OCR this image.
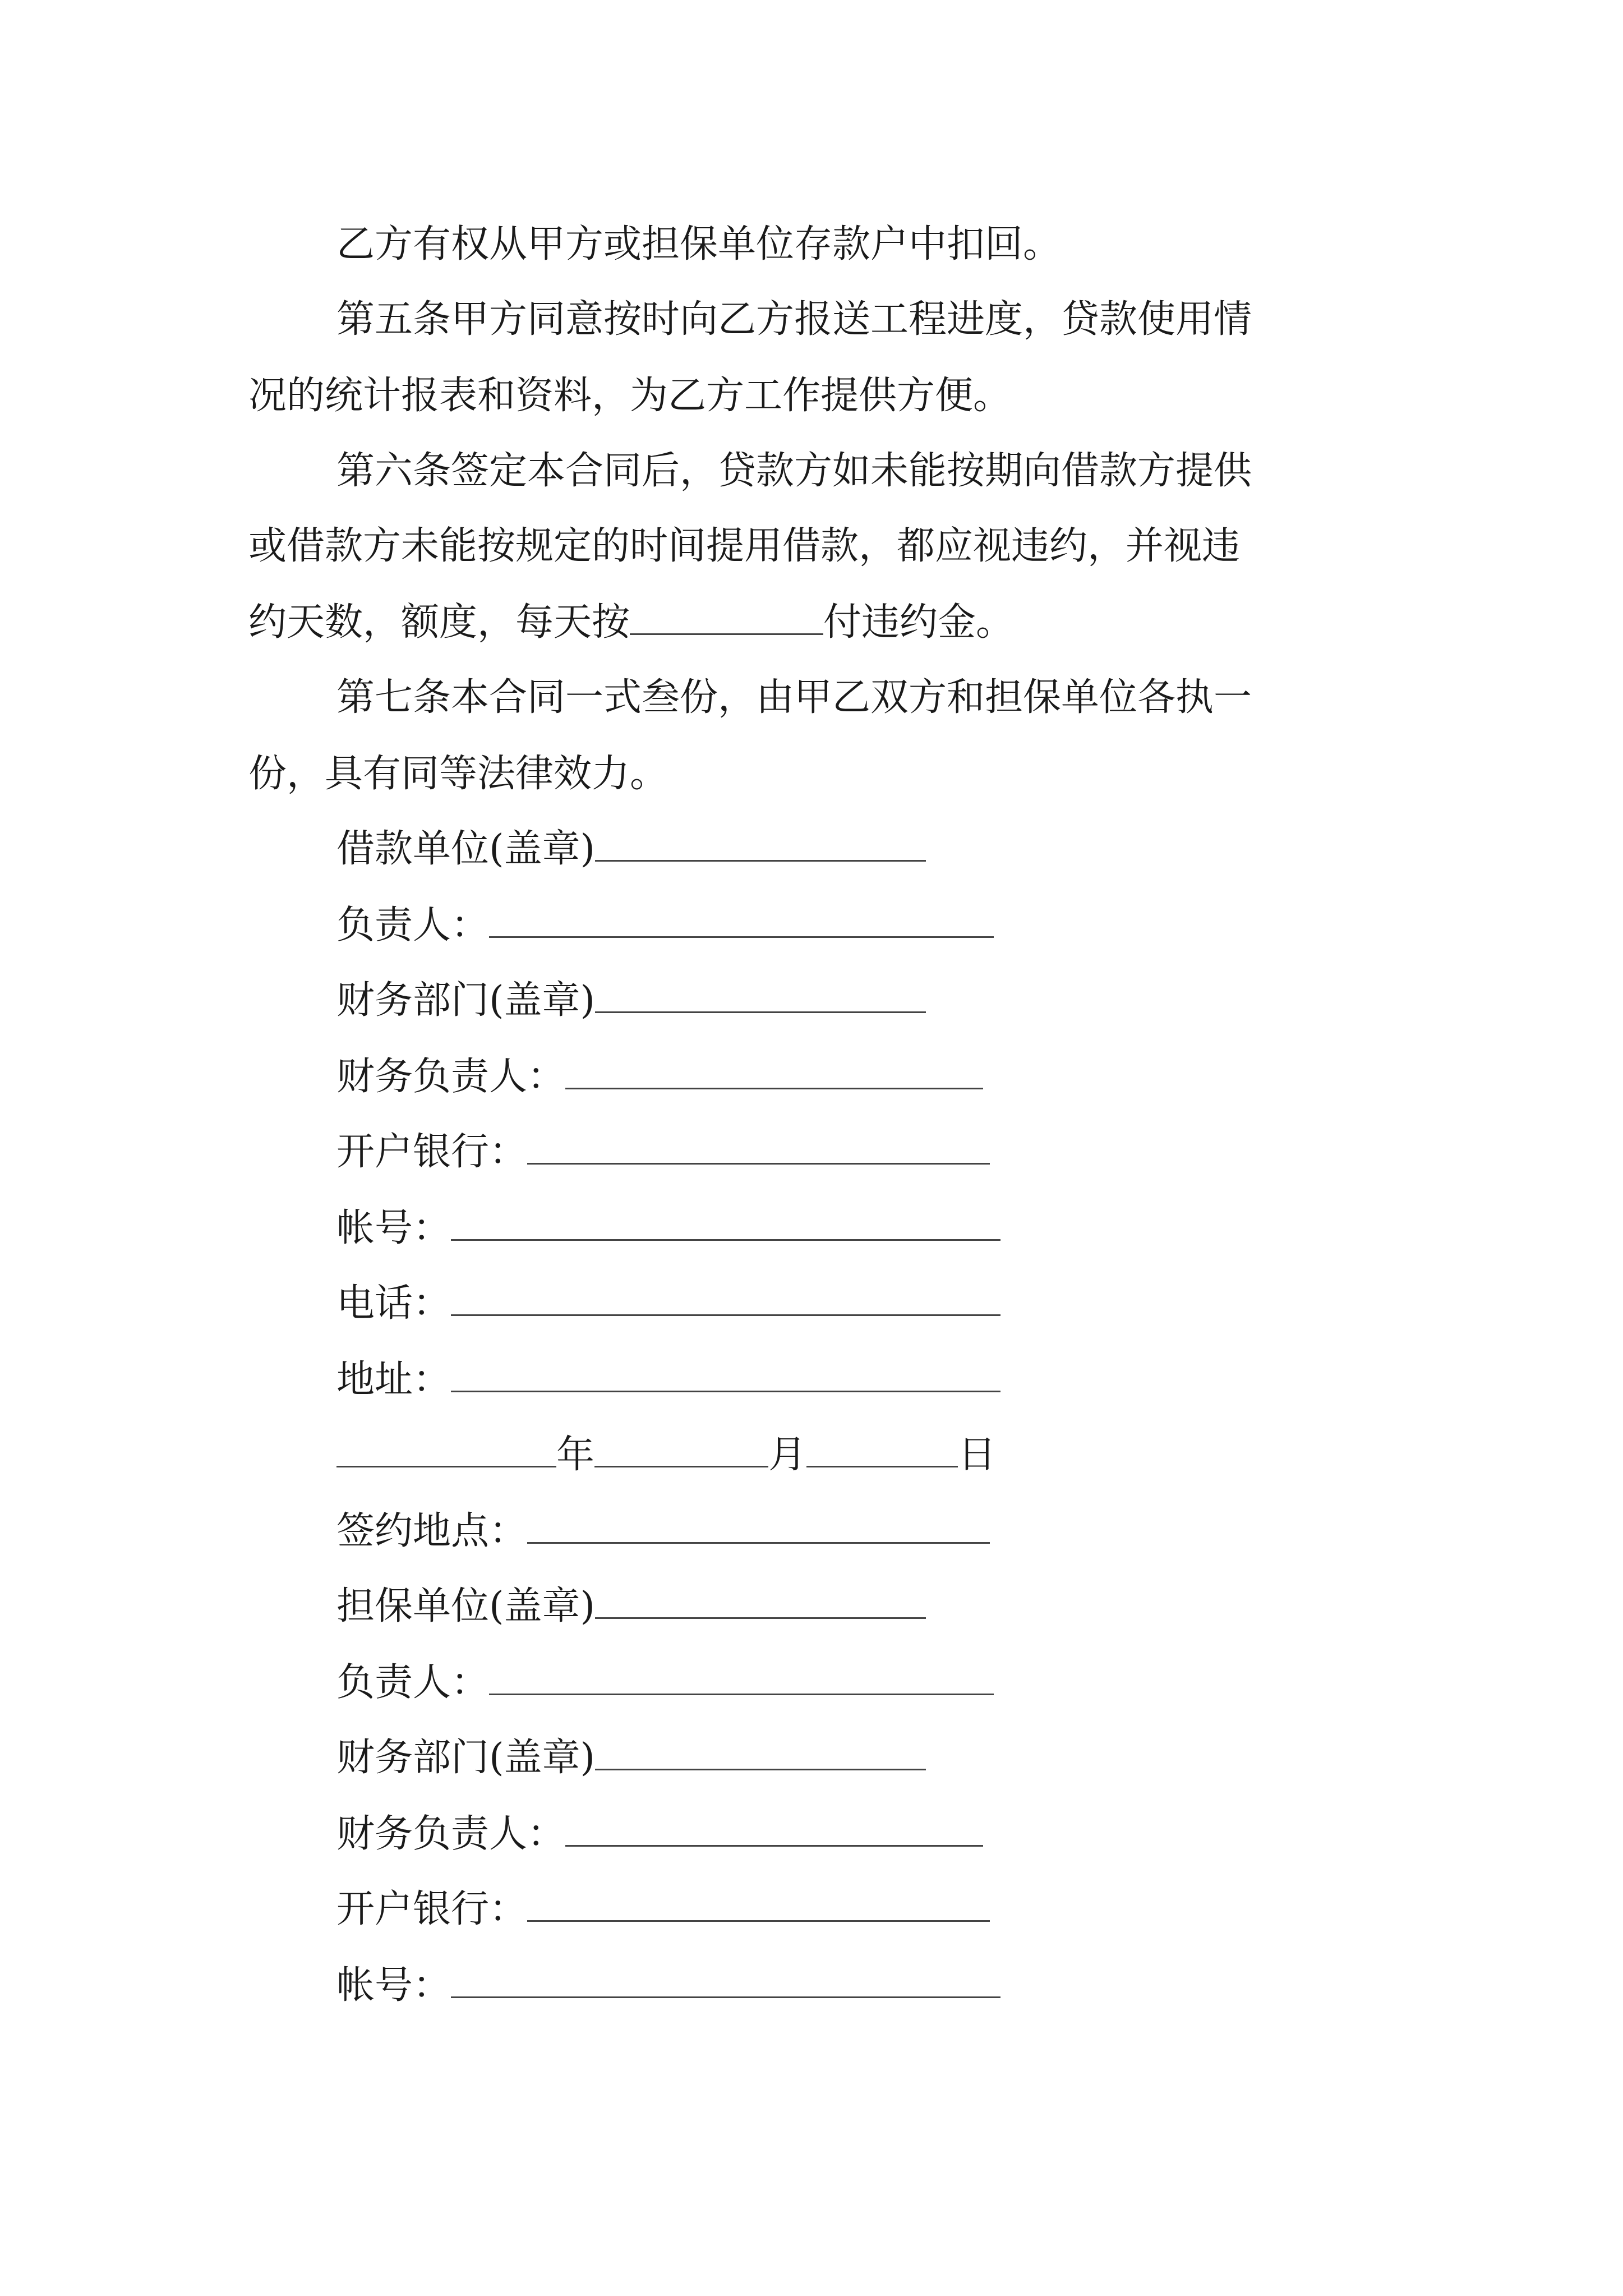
乙方有权从甲方或担保单位存款户中扣回。
第五条甲方同意按时向乙方报送工程进度，贷款使用情
况的统计报表和资料，为乙方工作提供方便。
第六条签定本合同后，贷款方如未能按期向借款方提供
或借款方未能按规定的时间提用借款，都应视违约，并视违
约天数，额度，每天按	付违约金。
第七条本合同一式叁份，由甲乙双方和担保单位各执一
份，具有同等法律效力。
借款单位(盖章)
负责人：
财务部门(盖章)
财务负责人：
开户银行：
帐号：
电话：
地址：
年	月	日
签约地点：
担保单位(盖章)
负责人：
财务部门(盖章)
财务负责人：
开户银行：
帐号：
